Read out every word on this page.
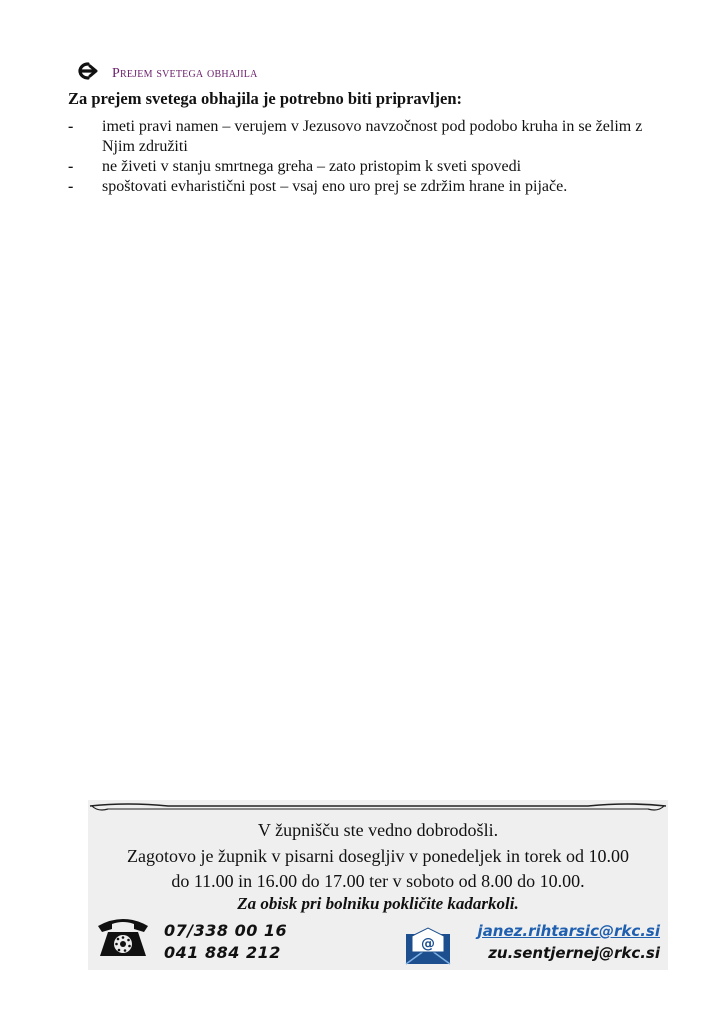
Prejem svetega obhajila
Za prejem svetega obhajila je potrebno biti pripravljen:
- imeti pravi namen – verujem v Jezusovo navzočnost pod podobo kruha in se želim z Njim združiti
- ne živeti v stanju smrtnega greha – zato pristopim k sveti spovedi
- spoštovati evharistični post – vsaj eno uro prej se zdržim hrane in pijače.
V župnišču ste vedno dobrodošli.
Zagotovo je župnik v pisarni dosegljiv v ponedeljek in torek od 10.00
do 11.00 in 16.00 do 17.00 ter v soboto od 8.00 do 10.00.
Za obisk pri bolniku pokličite kadarkoli.
07/338 00 16
041 884 212	@
janez.rihtarsic@rkc.si
zu.sentjernej@rkc.si
